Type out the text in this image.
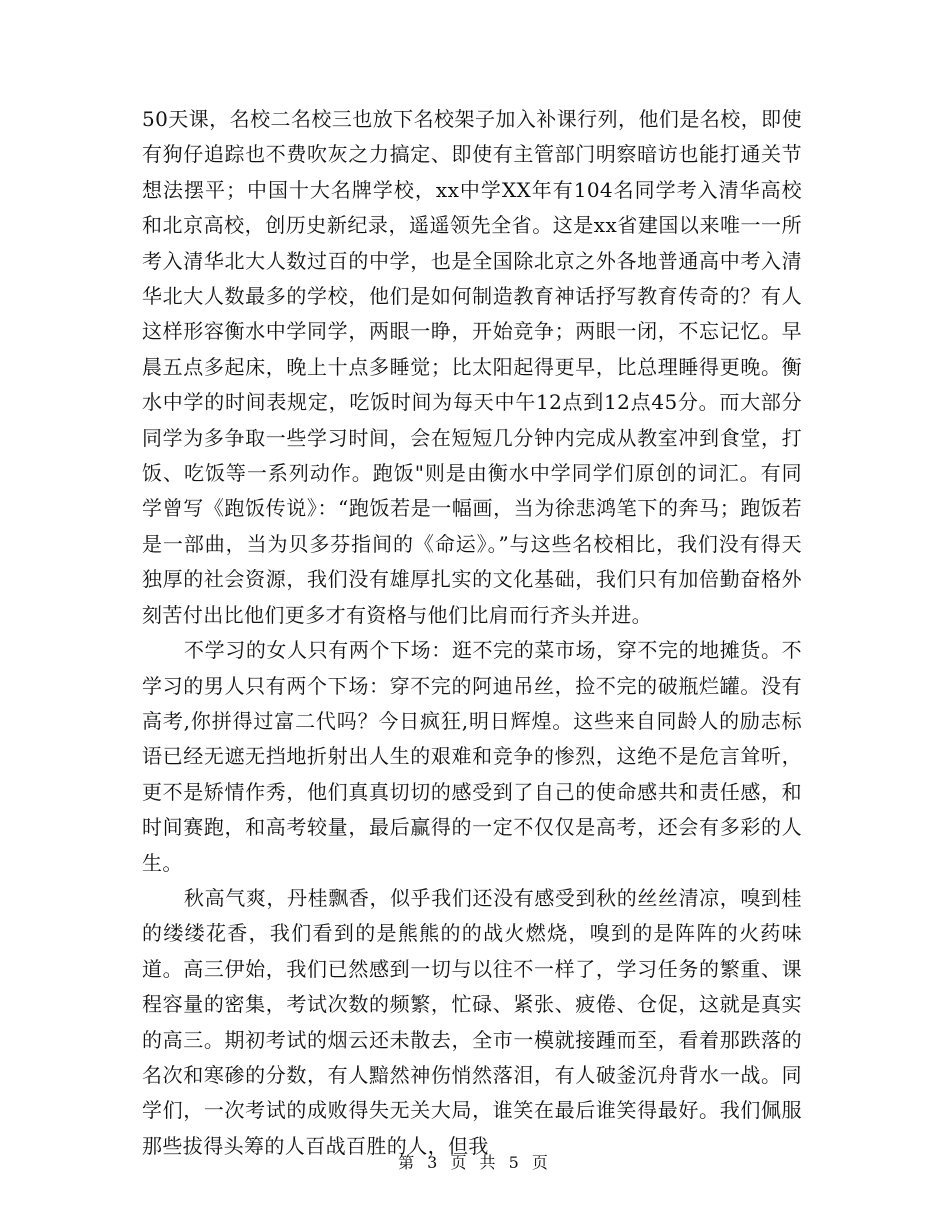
50天课，名校二名校三也放下名校架子加入补课行列，他们是名校，即使有狗仔追踪也不费吹灰之力搞定、即使有主管部门明察暗访也能打通关节想法摆平；中国十大名牌学校，xx中学XX年有104名同学考入清华高校和北京高校，创历史新纪录，遥遥领先全省。这是xx省建国以来唯一一所考入清华北大人数过百的中学，也是全国除北京之外各地普通高中考入清华北大人数最多的学校，他们是如何制造教育神话抒写教育传奇的？有人这样形容衡水中学同学，两眼一睁，开始竞争；两眼一闭，不忘记忆。早晨五点多起床，晚上十点多睡觉；比太阳起得更早，比总理睡得更晚。衡水中学的时间表规定，吃饭时间为每天中午12点到12点45分。而大部分同学为多争取一些学习时间，会在短短几分钟内完成从教室冲到食堂，打饭、吃饭等一系列动作。跑饭"则是由衡水中学同学们原创的词汇。有同学曾写《跑饭传说》：“跑饭若是一幅画，当为徐悲鸿笔下的奔马；跑饭若是一部曲，当为贝多芬指间的《命运》。”与这些名校相比，我们没有得天独厚的社会资源，我们没有雄厚扎实的文化基础，我们只有加倍勤奋格外刻苦付出比他们更多才有资格与他们比肩而行齐头并进。

不学习的女人只有两个下场：逛不完的菜市场，穿不完的地摊货。不学习的男人只有两个下场：穿不完的阿迪吊丝，捡不完的破瓶烂罐。没有高考,你拼得过富二代吗？今日疯狂,明日辉煌。这些来自同龄人的励志标语已经无遮无挡地折射出人生的艰难和竞争的惨烈，这绝不是危言耸听，更不是矫情作秀，他们真真切切的感受到了自己的使命感共和责任感，和时间赛跑，和高考较量，最后赢得的一定不仅仅是高考，还会有多彩的人生。

秋高气爽，丹桂飘香，似乎我们还没有感受到秋的丝丝清凉，嗅到桂的缕缕花香，我们看到的是熊熊的的战火燃烧，嗅到的是阵阵的火药味道。高三伊始，我们已然感到一切与以往不一样了，学习任务的繁重、课程容量的密集，考试次数的频繁，忙碌、紧张、疲倦、仓促，这就是真实的高三。期初考试的烟云还未散去，全市一模就接踵而至，看着那跌落的名次和寒碜的分数，有人黯然神伤悄然落泪，有人破釜沉舟背水一战。同学们，一次考试的成败得失无关大局，谁笑在最后谁笑得最好。我们佩服那些拔得头筹的人百战百胜的人，但我

第 3 页 共 5 页
